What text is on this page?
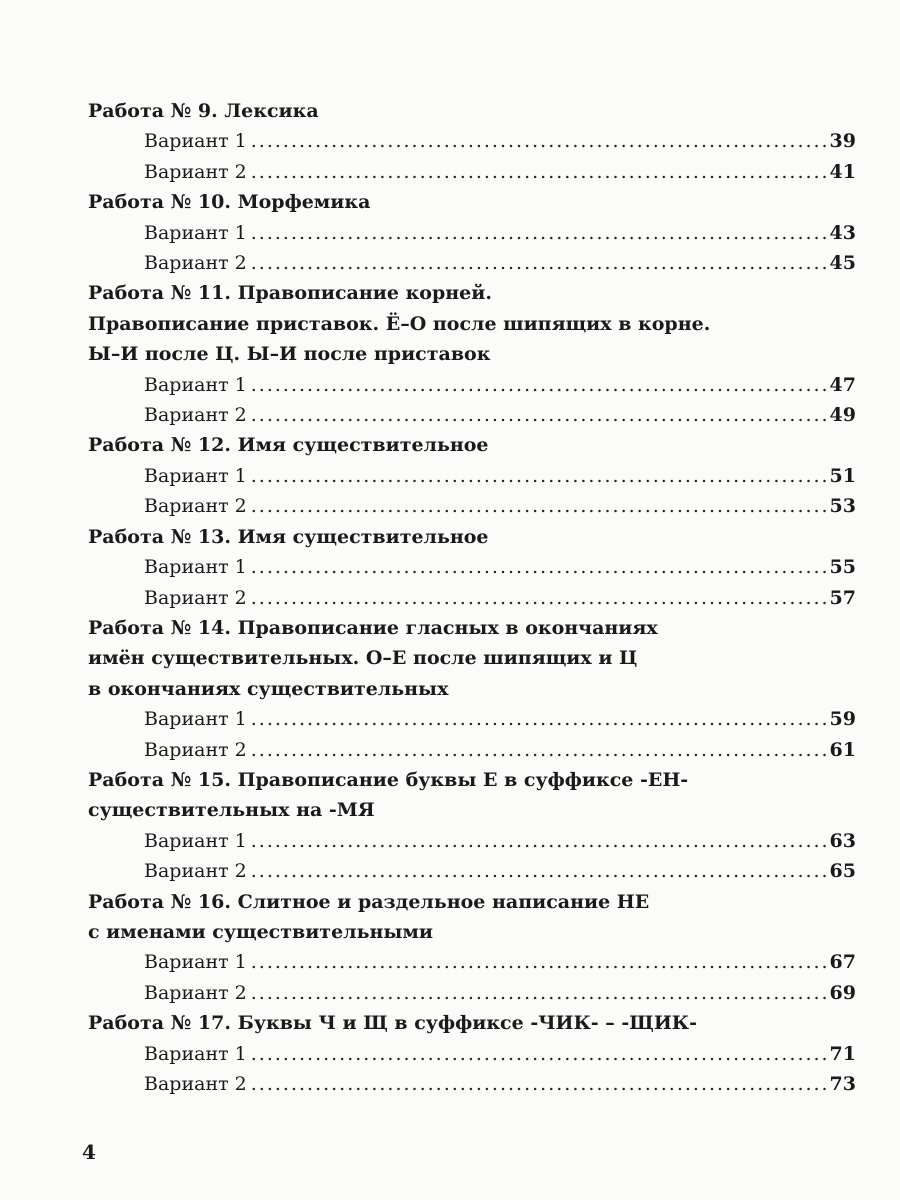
Работа № 9. Лексика
Вариант 1 .....	39
Вариант 2 .....	41
Работа № 10. Морфемика
Вариант 1 .....	43
Вариант 2 .....	45
Работа № 11. Правописание корней.
Правописание приставок. Ё–О после шипящих в корне.
Ы–И после Ц. Ы–И после приставок
Вариант 1 .....	47
Вариант 2 .....	49
Работа № 12. Имя существительное
Вариант 1 .....	51
Вариант 2 .....	53
Работа № 13. Имя существительное
Вариант 1 .....	55
Вариант 2 .....	57
Работа № 14. Правописание гласных в окончаниях
имён существительных. О–Е после шипящих и Ц
в окончаниях существительных
Вариант 1 .....	59
Вариант 2 .....	61
Работа № 15. Правописание буквы Е в суффиксе -ЕН-
существительных на -МЯ
Вариант 1 .....	63
Вариант 2 .....	65
Работа № 16. Слитное и раздельное написание НЕ
с именами существительными
Вариант 1 .....	67
Вариант 2 .....	69
Работа № 17. Буквы Ч и Щ в суффиксе -ЧИК- – -ЩИК-
Вариант 1 .....	71
Вариант 2 .....	73
4
